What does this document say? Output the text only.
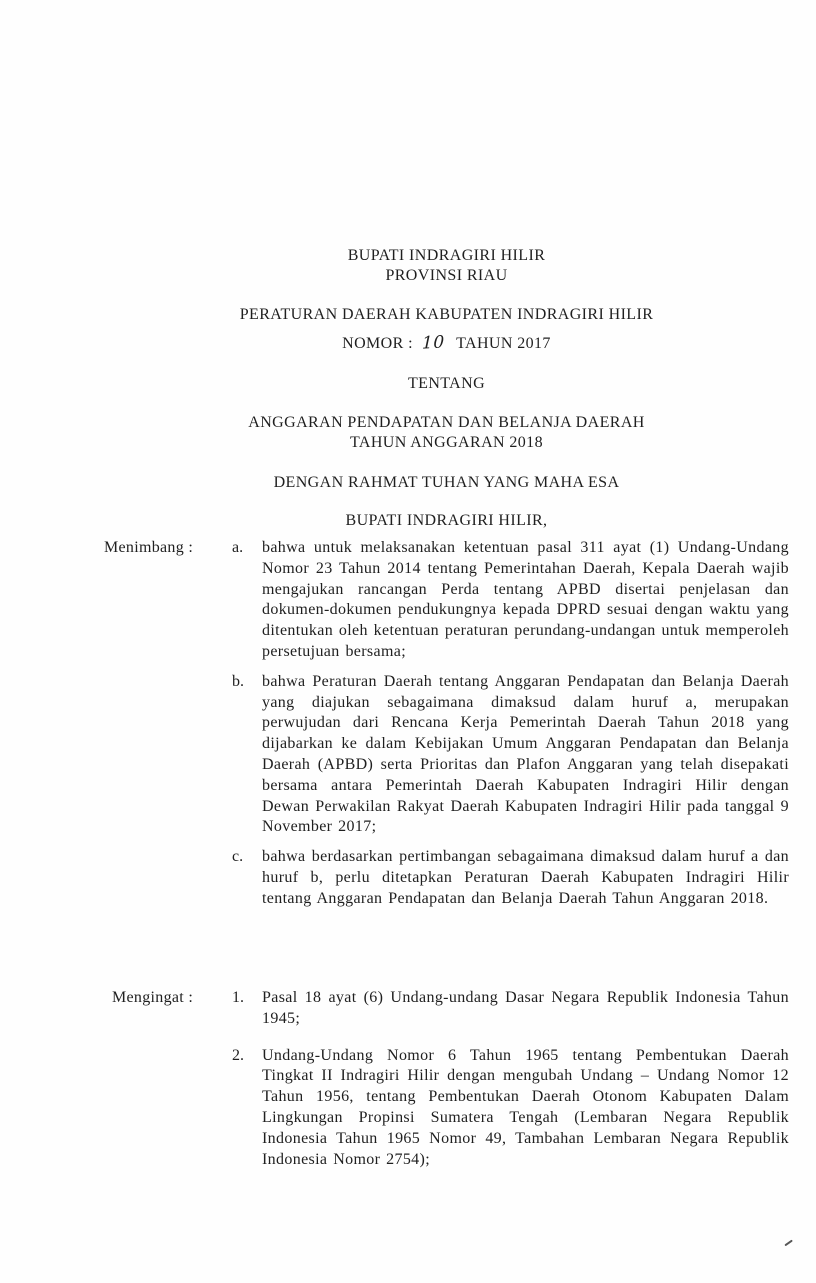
BUPATI INDRAGIRI HILIR
PROVINSI RIAU
PERATURAN DAERAH KABUPATEN INDRAGIRI HILIR
NOMOR : 10 TAHUN 2017
TENTANG
ANGGARAN PENDAPATAN DAN BELANJA DAERAH
TAHUN ANGGARAN 2018
DENGAN RAHMAT TUHAN YANG MAHA ESA
BUPATI INDRAGIRI HILIR,
Menimbang :	a.	bahwa untuk melaksanakan ketentuan pasal 311 ayat (1) Undang-Undang Nomor 23 Tahun 2014 tentang Pemerintahan Daerah, Kepala Daerah wajib mengajukan rancangan Perda tentang APBD disertai penjelasan dan dokumen-dokumen pendukungnya kepada DPRD sesuai dengan waktu yang ditentukan oleh ketentuan peraturan perundang-undangan untuk memperoleh persetujuan bersama;
b.	bahwa Peraturan Daerah tentang Anggaran Pendapatan dan Belanja Daerah yang diajukan sebagaimana dimaksud dalam huruf a, merupakan perwujudan dari Rencana Kerja Pemerintah Daerah Tahun 2018 yang dijabarkan ke dalam Kebijakan Umum Anggaran Pendapatan dan Belanja Daerah (APBD) serta Prioritas dan Plafon Anggaran yang telah disepakati bersama antara Pemerintah Daerah Kabupaten Indragiri Hilir dengan Dewan Perwakilan Rakyat Daerah Kabupaten Indragiri Hilir pada tanggal 9 November 2017;
c.	bahwa berdasarkan pertimbangan sebagaimana dimaksud dalam huruf a dan huruf b, perlu ditetapkan Peraturan Daerah Kabupaten Indragiri Hilir tentang Anggaran Pendapatan dan Belanja Daerah Tahun Anggaran 2018.
Mengingat :	1.	Pasal 18 ayat (6) Undang-undang Dasar Negara Republik Indonesia Tahun 1945;
2.	Undang-Undang Nomor 6 Tahun 1965 tentang Pembentukan Daerah Tingkat II Indragiri Hilir dengan mengubah Undang – Undang Nomor 12 Tahun 1956, tentang Pembentukan Daerah Otonom Kabupaten Dalam Lingkungan Propinsi Sumatera Tengah (Lembaran Negara Republik Indonesia Tahun 1965 Nomor 49, Tambahan Lembaran Negara Republik Indonesia Nomor 2754);
